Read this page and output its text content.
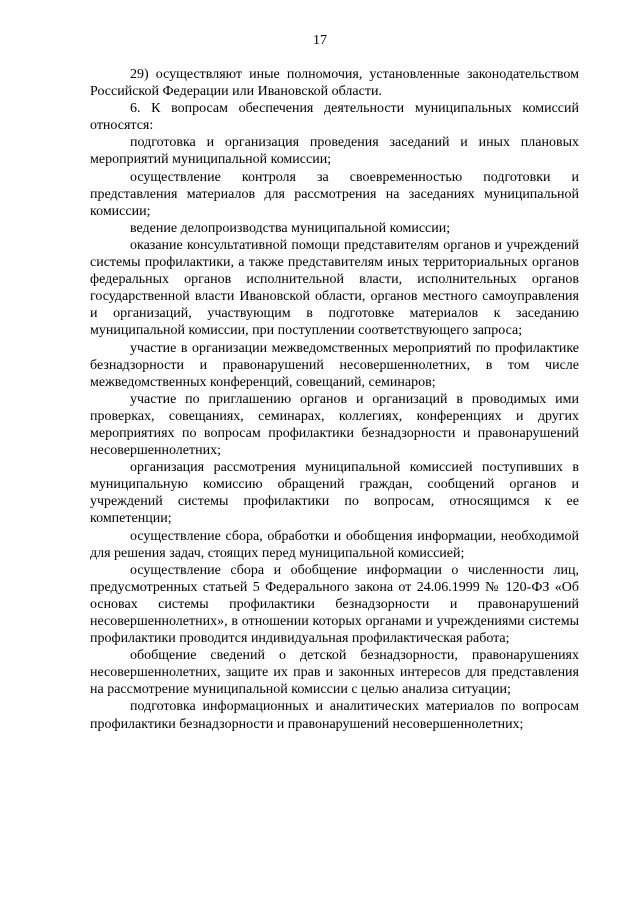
17

29) осуществляют иные полномочия, установленные законодательством Российской Федерации или Ивановской области.

6. К вопросам обеспечения деятельности муниципальных комиссий относятся:

подготовка и организация проведения заседаний и иных плановых мероприятий муниципальной комиссии;

осуществление контроля за своевременностью подготовки и представления материалов для рассмотрения на заседаниях муниципальной комиссии;

ведение делопроизводства муниципальной комиссии;

оказание консультативной помощи представителям органов и учреждений системы профилактики, а также представителям иных территориальных органов федеральных органов исполнительной власти, исполнительных органов государственной власти Ивановской области, органов местного самоуправления и организаций, участвующим в подготовке материалов к заседанию муниципальной комиссии, при поступлении соответствующего запроса;

участие в организации межведомственных мероприятий по профилактике безнадзорности и правонарушений несовершеннолетних, в том числе межведомственных конференций, совещаний, семинаров;

участие по приглашению органов и организаций в проводимых ими проверках, совещаниях, семинарах, коллегиях, конференциях и других мероприятиях по вопросам профилактики безнадзорности и правонарушений несовершеннолетних;

организация рассмотрения муниципальной комиссией поступивших в муниципальную комиссию обращений граждан, сообщений органов и учреждений системы профилактики по вопросам, относящимся к ее компетенции;

осуществление сбора, обработки и обобщения информации, необходимой для решения задач, стоящих перед муниципальной комиссией;

осуществление сбора и обобщение информации о численности лиц, предусмотренных статьей 5 Федерального закона от 24.06.1999 № 120-ФЗ «Об основах системы профилактики безнадзорности и правонарушений несовершеннолетних», в отношении которых органами и учреждениями системы профилактики проводится индивидуальная профилактическая работа;

обобщение сведений о детской безнадзорности, правонарушениях несовершеннолетних, защите их прав и законных интересов для представления на рассмотрение муниципальной комиссии с целью анализа ситуации;

подготовка информационных и аналитических материалов по вопросам профилактики безнадзорности и правонарушений несовершеннолетних;
